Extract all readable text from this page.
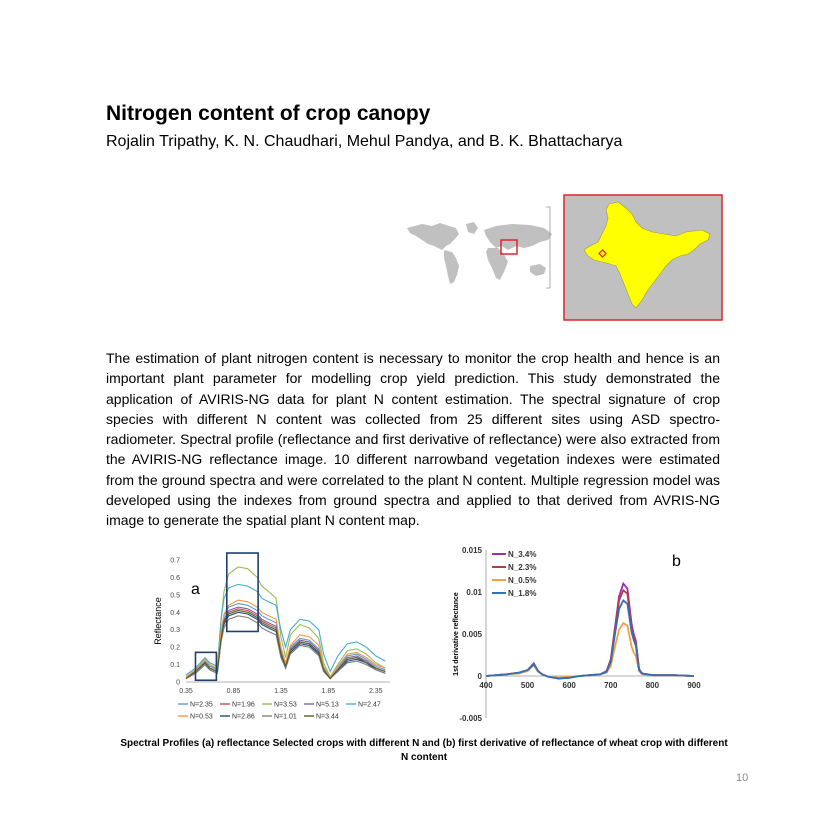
Nitrogen content of crop canopy
Rojalin Tripathy, K. N. Chaudhari, Mehul Pandya, and B. K. Bhattacharya
The estimation of plant nitrogen content is necessary to monitor the crop health and hence is an important plant parameter for modelling crop yield prediction. This study demonstrated the application of AVIRIS-NG data for plant N content estimation. The spectral signature of crop species with different N content was collected from 25 different sites using ASD spectro-radiometer. Spectral profile (reflectance and first derivative of reflectance) were also extracted from the AVIRIS-NG reflectance image. 10 different narrowband vegetation indexes were estimated from the ground spectra and were correlated to the plant N content. Multiple regression model was developed using the indexes from ground spectra and applied to that derived from AVRIS-NG image to generate the spatial plant N content map.
0.35	0.85	1.35	1.85	2.35
0
0.1
0.2
0.3
0.4
0.5
0.6
0.7
Reflectance
N=2.35	N=1.96	N=3.53	N=5.13	N=2.47
N=0.53	N=2.86	N=1.01	N=3.44
a
400	500	600	700	800	900
-0.005
0
0.005
0.01
0.015
1st derivative reflectance
N_3.4%
N_2.3%
N_0.5%
N_1.8%
b
Spectral Profiles (a) reflectance Selected crops with different N and (b) first derivative of reflectance of wheat crop with different N content
10
